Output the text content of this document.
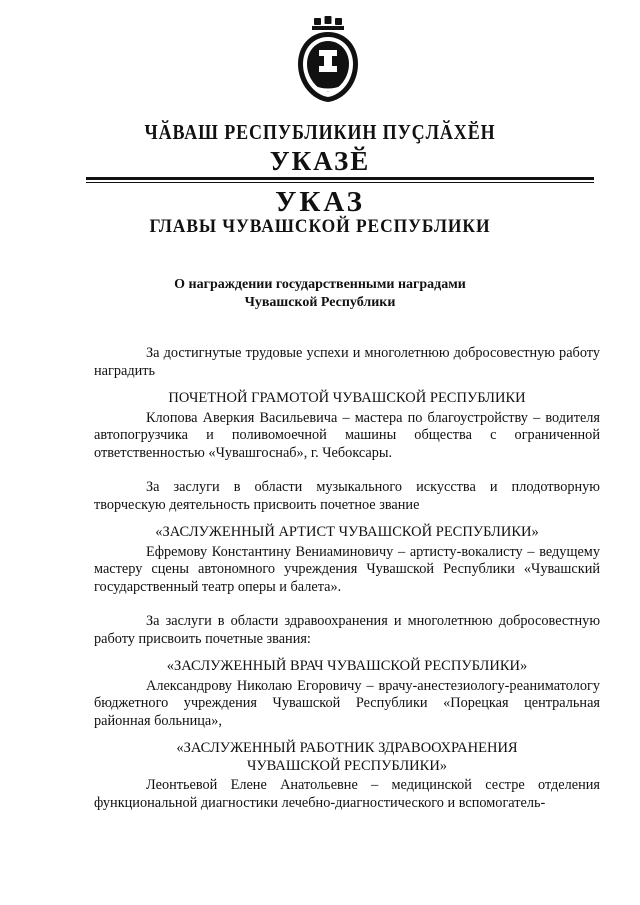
ЧӐВАШ РЕСПУБЛИКИН ПУҪЛӐХӖН
УКАЗӖ
УКАЗ
ГЛАВЫ ЧУВАШСКОЙ РЕСПУБЛИКИ
О награждении государственными наградами
Чувашской Республики

За достигнутые трудовые успехи и многолетнюю добросовестную работу наградить

ПОЧЕТНОЙ ГРАМОТОЙ ЧУВАШСКОЙ РЕСПУБЛИКИ

Клопова Аверкия Васильевича – мастера по благоустройству – водителя автопогрузчика и поливомоечной машины общества с ограниченной ответственностью «Чувашгоснаб», г. Чебоксары.

За заслуги в области музыкального искусства и плодотворную творческую деятельность присвоить почетное звание

«ЗАСЛУЖЕННЫЙ АРТИСТ ЧУВАШСКОЙ РЕСПУБЛИКИ»

Ефремову Константину Вениаминовичу – артисту-вокалисту – ведущему мастеру сцены автономного учреждения Чувашской Республики «Чувашский государственный театр оперы и балета».

За заслуги в области здравоохранения и многолетнюю добросовестную работу присвоить почетные звания:

«ЗАСЛУЖЕННЫЙ ВРАЧ ЧУВАШСКОЙ РЕСПУБЛИКИ»

Александрову Николаю Егоровичу – врачу-анестезиологу-реаниматологу бюджетного учреждения Чувашской Республики «Порецкая центральная районная больница»,

«ЗАСЛУЖЕННЫЙ РАБОТНИК ЗДРАВООХРАНЕНИЯ
ЧУВАШСКОЙ РЕСПУБЛИКИ»

Леонтьевой Елене Анатольевне – медицинской сестре отделения функциональной диагностики лечебно-диагностического и вспомогатель-
